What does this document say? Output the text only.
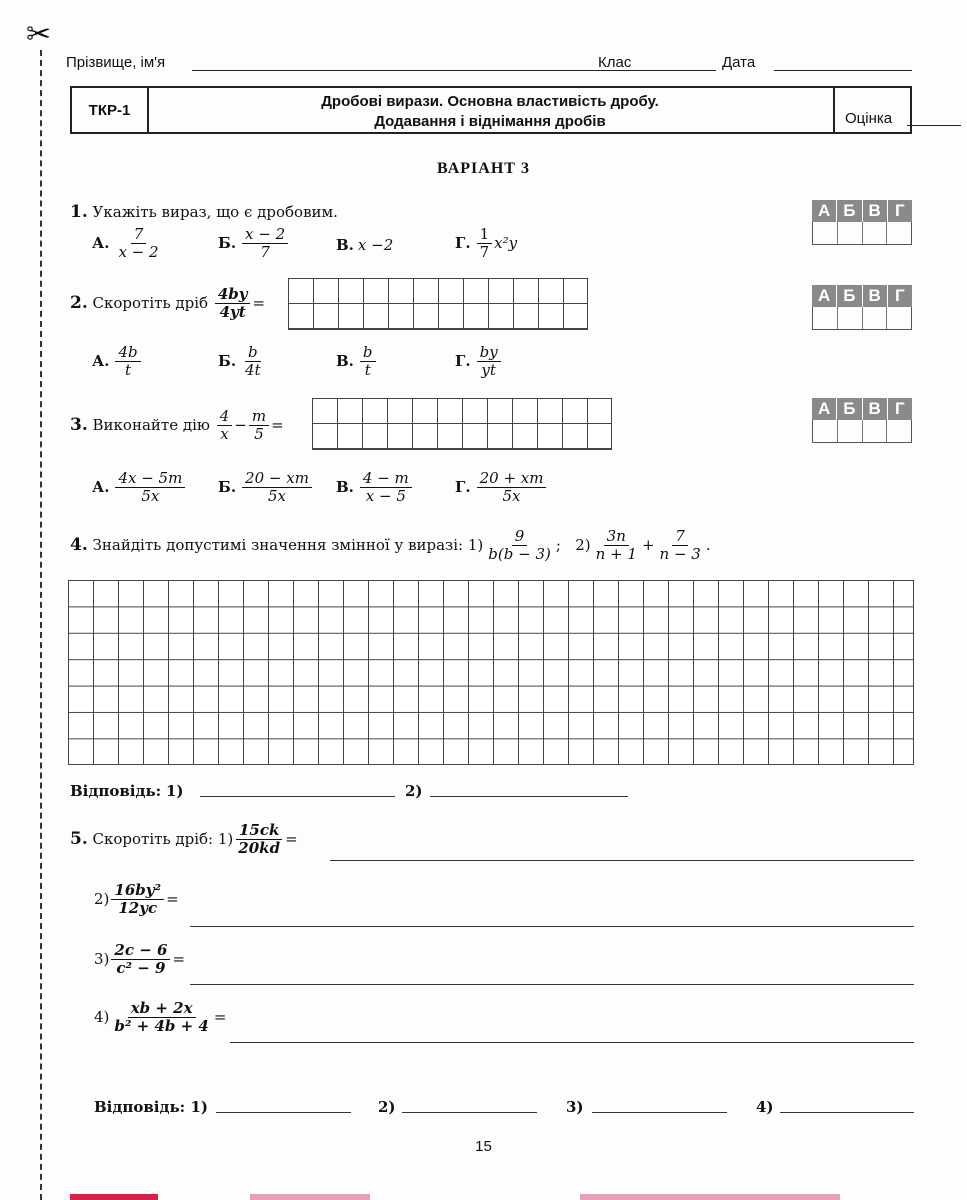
✂
Прізвище, ім'я	Клас	Дата
ТКР-1	Дробові вирази. Основна властивість дробу.
Додавання і віднімання дробів	Оцінка
ВАРІАНТ 3
1. Укажіть вираз, що є дробовим.
А. 7
x − 2	Б. x − 2
7	В. x −2	Г. 1
7 x²y
А Б В Г
2.
Скоротіть дріб
$\frac{4by}{4yt}$ =
А. 4b
t	Б. b
4t	В. b
t	Г. by
yt
А Б В Г
3.
Виконайте дію
4
$x - \frac{m}{5}$ =
А. 4x − 5m
5x	Б. 20 − xm
5x	В. 4 − m
x − 5	Г. 20 + xm
5x
А Б В Г
4.
Знайдіть допустимі значення змінної у виразі:
1) 9
b(b − 3) ;
2) 3n
$n + 1 + \frac{7}{n - 3}$ .
Відповідь: 1)	2)
5.
Скоротіть дріб:
$1) \frac{15ck}{20kd}$ =
$2) \frac{\text{16by²}}{12yc}$ =
$3) \frac{2c - 6}{\text{c² − 9}}$ =
$4) \frac{xb + 2x}{\text{b² + 4b + 4}}$ =
Відповідь: 1)	2)	3)	4)
15
